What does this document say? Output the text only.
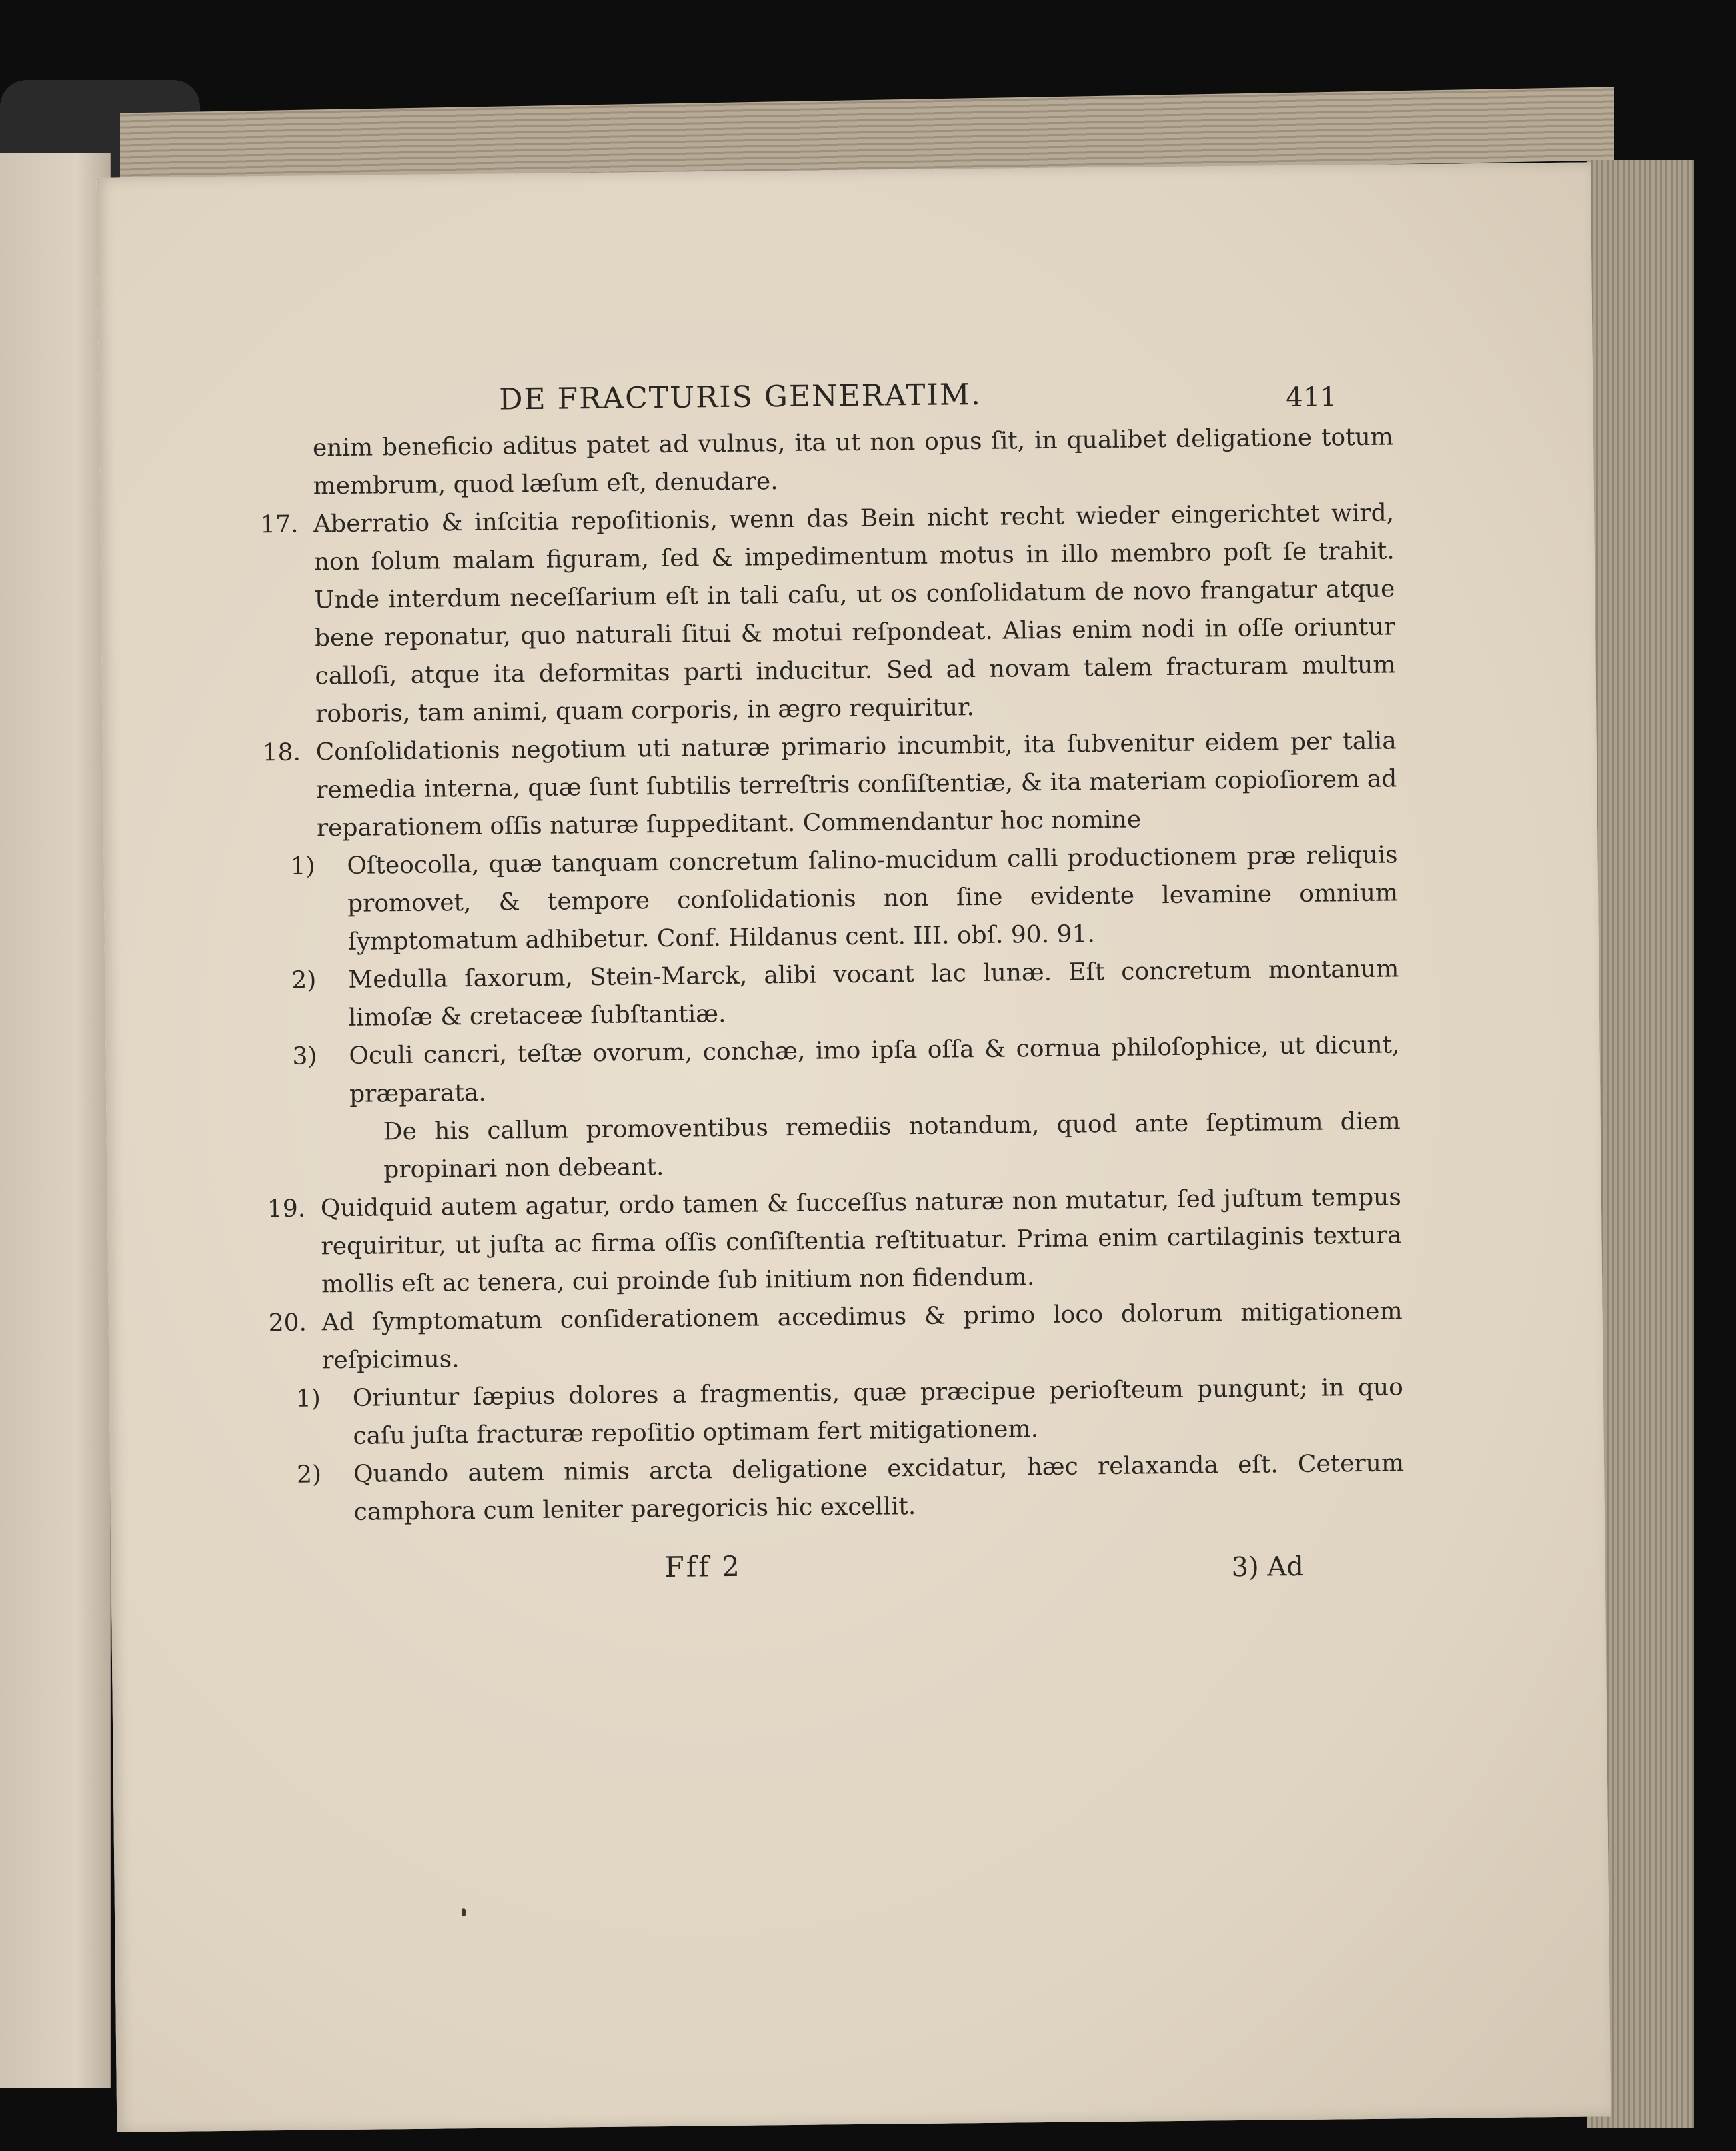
DE FRACTURIS GENERATIM.	411

enim beneficio aditus patet ad vulnus, ita ut non opus ſit, in qualibet deligatione totum membrum, quod læſum eſt, denudare.

17. Aberratio & inſcitia repoſitionis, wenn das Bein nicht recht wieder eingerichtet wird, non ſolum malam figuram, ſed & impedimentum motus in illo membro poſt ſe trahit. Unde interdum neceſſarium eſt in tali caſu, ut os conſolidatum de novo frangatur atque bene reponatur, quo naturali ſitui & motui reſpondeat. Alias enim nodi in oſſe oriuntur calloſi, atque ita deformitas parti inducitur. Sed ad novam talem fracturam multum roboris, tam animi, quam corporis, in ægro requiritur.
18. Conſolidationis negotium uti naturæ primario incumbit, ita ſubvenitur eidem per talia remedia interna, quæ ſunt ſubtilis terreſtris conſiſtentiæ, & ita materiam copioſiorem ad reparationem oſſis naturæ ſuppeditant. Commendantur hoc nomine
1) Oſteocolla, quæ tanquam concretum ſalino-mucidum calli productionem præ reliquis promovet, & tempore conſolidationis non ſine evidente levamine omnium ſymptomatum adhibetur. Conf. Hildanus cent. III. obſ. 90. 91.
2) Medulla ſaxorum, Stein-Marck, alibi vocant lac lunæ. Eſt concretum montanum limoſæ & cretaceæ ſubſtantiæ.
3) Oculi cancri, teſtæ ovorum, conchæ, imo ipſa oſſa & cornua philoſophice, ut dicunt, præparata.

De his callum promoventibus remediis notandum, quod ante ſeptimum diem propinari non debeant.

19. Quidquid autem agatur, ordo tamen & ſucceſſus naturæ non mutatur, ſed juſtum tempus requiritur, ut juſta ac firma oſſis conſiſtentia reſtituatur. Prima enim cartilaginis textura mollis eſt ac tenera, cui proinde ſub initium non fidendum.
20. Ad ſymptomatum conſiderationem accedimus & primo loco dolorum mitigationem reſpicimus.
1) Oriuntur ſæpius dolores a fragmentis, quæ præcipue perioſteum pungunt; in quo caſu juſta fracturæ repoſitio optimam fert mitigationem.
2) Quando autem nimis arcta deligatione excidatur, hæc relaxanda eſt. Ceterum camphora cum leniter paregoricis hic excellit.
Fff 2	3) Ad
